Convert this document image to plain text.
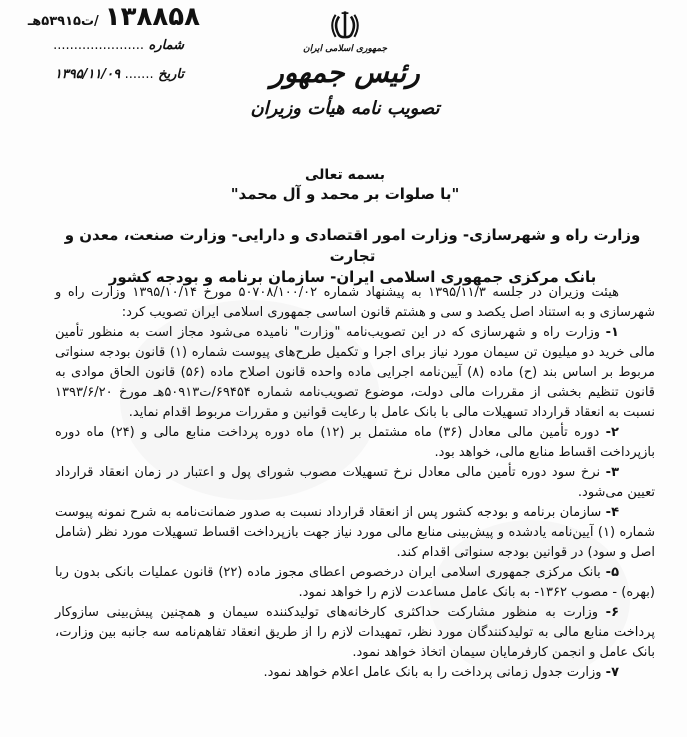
۱۳۸۸۵۸
/ت۵۳۹۱۵هـ
شماره ......................
تاریخ ....... ۱۳۹۵/۱۱/۰۹
جمهوری اسلامی ایران
رئیس جمهور
تصویب نامه هیأت وزیران
بسمه تعالی
"با صلوات بر محمد و آل محمد"
وزارت راه و شهرسازی- وزارت امور اقتصادی و دارایی- وزارت صنعت، معدن و تجارت
بانک مرکزی جمهوری اسلامی ایران- سازمان برنامه و بودجه کشور

هیئت وزیران در جلسه ۱۳۹۵/۱۱/۳ به پیشنهاد شماره ۵۰۷۰۸/۱۰۰/۰۲ مورخ ۱۳۹۵/۱۰/۱۴ وزارت راه و شهرسازی و به استناد اصل یکصد و سی و هشتم قانون اساسی جمهوری اسلامی ایران تصویب کرد:

۱- وزارت راه و شهرسازی که در این تصویب‌نامه "وزارت" نامیده می‌شود مجاز است به منظور تأمین مالی خرید دو میلیون تن سیمان مورد نیاز برای اجرا و تکمیل طرح‌های پیوست شماره (۱) قانون بودجه سنواتی مربوط بر اساس بند (ح) ماده (۸) آیین‌نامه اجرایی ماده واحده قانون اصلاح ماده (۵۶) قانون الحاق موادی به قانون تنظیم بخشی از مقررات مالی دولت، موضوع تصویب‌نامه شماره ۶۹۴۵۴/ت۵۰۹۱۳هـ مورخ ۱۳۹۳/۶/۲۰ نسبت به انعقاد قرارداد تسهیلات مالی با بانک عامل با رعایت قوانین و مقررات مربوط اقدام نماید.

۲- دوره تأمین مالی معادل (۳۶) ماه مشتمل بر (۱۲) ماه دوره پرداخت منابع مالی و (۲۴) ماه دوره بازپرداخت اقساط منابع مالی، خواهد بود.

۳- نرخ سود دوره تأمین مالی معادل نرخ تسهیلات مصوب شورای پول و اعتبار در زمان انعقاد قرارداد تعیین می‌شود.

۴- سازمان برنامه و بودجه کشور پس از انعقاد قرارداد نسبت به صدور ضمانت‌نامه به شرح نمونه پیوست شماره (۱) آیین‌نامه یادشده و پیش‌بینی منابع مالی مورد نیاز جهت بازپرداخت اقساط تسهیلات مورد نظر (شامل اصل و سود) در قوانین بودجه سنواتی اقدام کند.

۵- بانک مرکزی جمهوری اسلامی ایران درخصوص اعطای مجوز ماده (۲۲) قانون عملیات بانکی بدون ربا (بهره) - مصوب ۱۳۶۲- به بانک عامل مساعدت لازم را خواهد نمود.

۶- وزارت به منظور مشارکت حداکثری کارخانه‌های تولیدکننده سیمان و همچنین پیش‌بینی سازوکار پرداخت منابع مالی به تولیدکنندگان مورد نظر، تمهیدات لازم را از طریق انعقاد تفاهم‌نامه سه جانبه بین وزارت، بانک عامل و انجمن کارفرمایان سیمان اتخاذ خواهد نمود.

۷- وزارت جدول زمانی پرداخت را به بانک عامل اعلام خواهد نمود.
